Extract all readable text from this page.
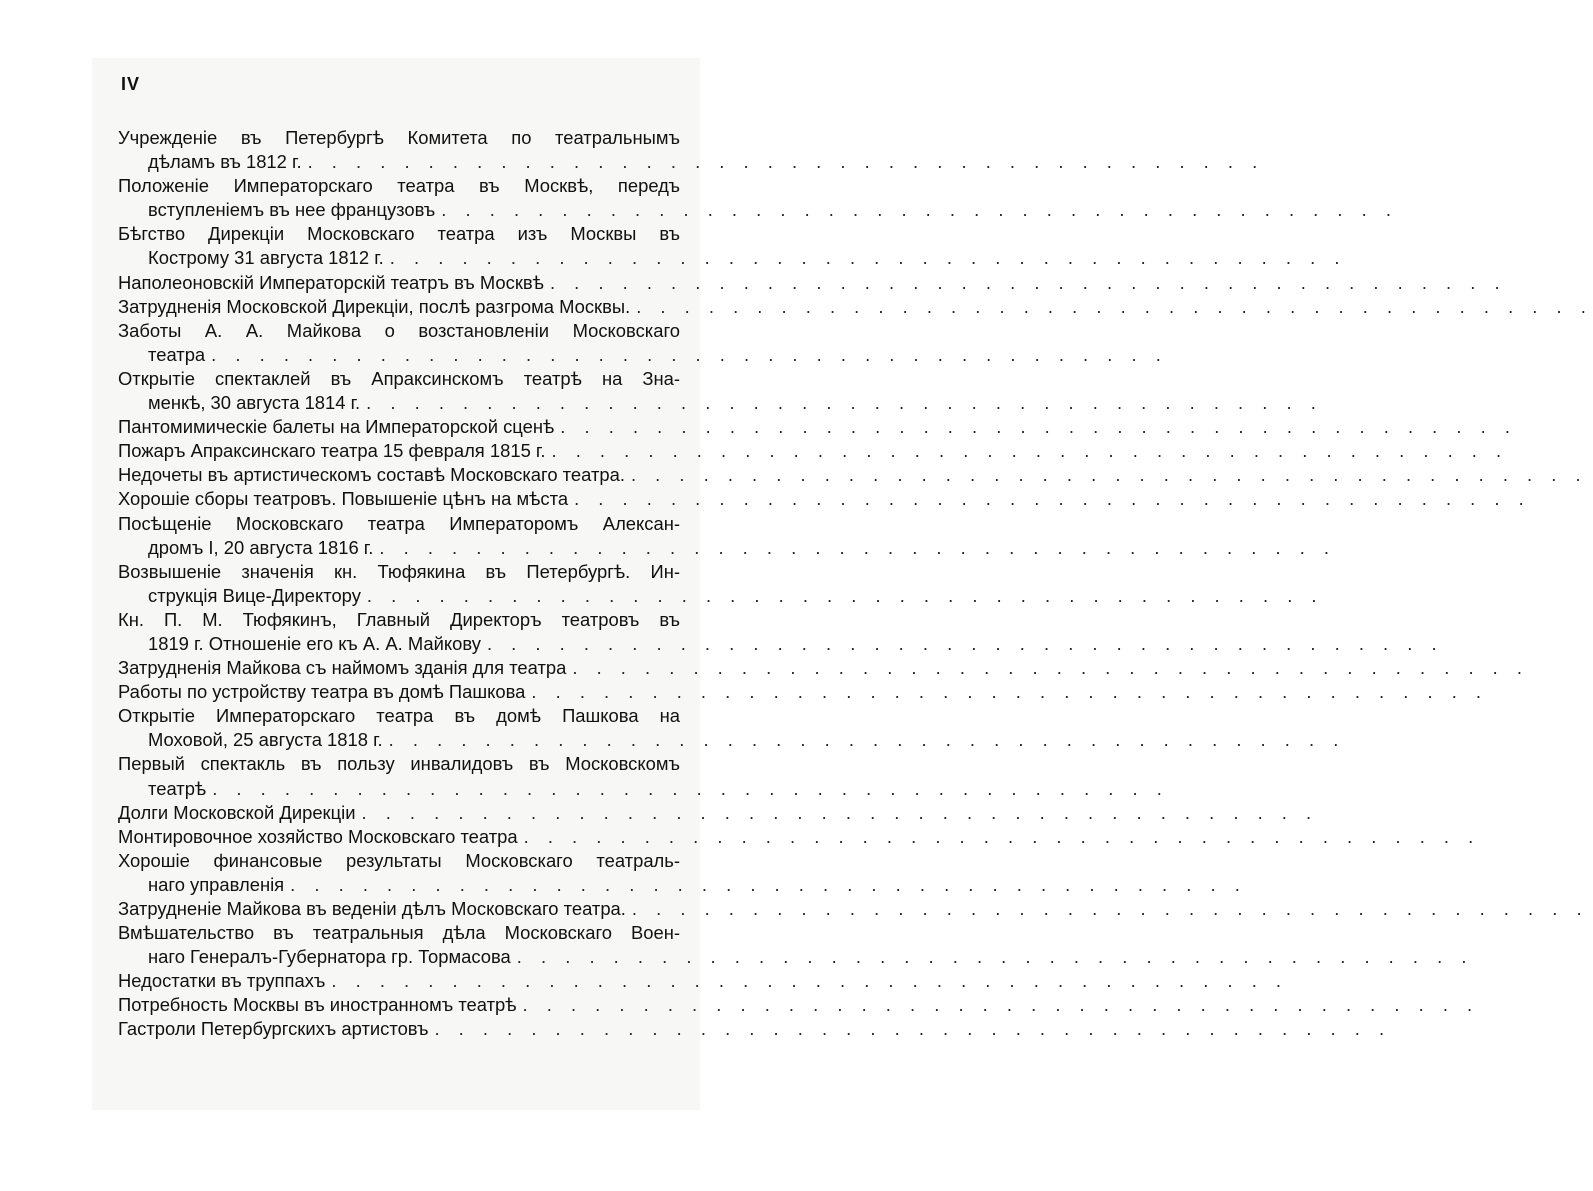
IV
Учрежденіе въ Петербургѣ Комитета по театральнымъ
дѣламъ въ 1812 г. . . . . . . . . . . . . . . . . . . . . . . . . . . . . . . . . . . . . . . . .
Положеніе Императорскаго театра въ Москвѣ, передъ
вступленіемъ въ нее французовъ . . . . . . . . . . . . . . . . . . . . . . . . . . . . . . . . . . . . . . . .
Бѣгство Дирекціи Московскаго театра изъ Москвы въ
Кострому 31 августа 1812 г. . . . . . . . . . . . . . . . . . . . . . . . . . . . . . . . . . . . . . . . .
Наполеоновскій Императорскій театръ въ Москвѣ . . . . . . . . . . . . . . . . . . . . . . . . . . . . . . . . . . . . . . . .
Затрудненія Московской Дирекціи, послѣ разгрома Москвы. . . . . . . . . . . . . . . . . . . . . . . . . . . . . . . . . . . . . . . . .
Заботы А. А. Майкова о возстановленіи Московскаго
театра . . . . . . . . . . . . . . . . . . . . . . . . . . . . . . . . . . . . . . . .
Открытіе спектаклей въ Апраксинскомъ театрѣ на Зна-
менкѣ, 30 августа 1814 г. . . . . . . . . . . . . . . . . . . . . . . . . . . . . . . . . . . . . . . . .
Пантомимическіе балеты на Императорской сценѣ . . . . . . . . . . . . . . . . . . . . . . . . . . . . . . . . . . . . . . . .
Пожаръ Апраксинскаго театра 15 февраля 1815 г. . . . . . . . . . . . . . . . . . . . . . . . . . . . . . . . . . . . . . . . .
Недочеты въ артистическомъ составѣ Московскаго театра. . . . . . . . . . . . . . . . . . . . . . . . . . . . . . . . . . . . . . . . .
Хорошіе сборы театровъ. Повышеніе цѣнъ на мѣста . . . . . . . . . . . . . . . . . . . . . . . . . . . . . . . . . . . . . . . .
Посѣщеніе Московскаго театра Императоромъ Алексан-
дромъ I, 20 августа 1816 г. . . . . . . . . . . . . . . . . . . . . . . . . . . . . . . . . . . . . . . . .
Возвышеніе значенія кн. Тюфякина въ Петербургѣ. Ин-
струкція Вице-Директору . . . . . . . . . . . . . . . . . . . . . . . . . . . . . . . . . . . . . . . .
Кн. П. М. Тюфякинъ, Главный Директоръ театровъ въ
1819 г. Отношеніе его къ А. А. Майкову . . . . . . . . . . . . . . . . . . . . . . . . . . . . . . . . . . . . . . . .
Затрудненія Майкова съ наймомъ зданія для театра . . . . . . . . . . . . . . . . . . . . . . . . . . . . . . . . . . . . . . . .
Работы по устройству театра въ домѣ Пашкова . . . . . . . . . . . . . . . . . . . . . . . . . . . . . . . . . . . . . . . .
Открытіе Императорскаго театра въ домѣ Пашкова на
Моховой, 25 августа 1818 г. . . . . . . . . . . . . . . . . . . . . . . . . . . . . . . . . . . . . . . . .
Первый спектакль въ пользу инвалидовъ въ Московскомъ
театрѣ . . . . . . . . . . . . . . . . . . . . . . . . . . . . . . . . . . . . . . . .
Долги Московской Дирекціи . . . . . . . . . . . . . . . . . . . . . . . . . . . . . . . . . . . . . . . .
Монтировочное хозяйство Московскаго театра . . . . . . . . . . . . . . . . . . . . . . . . . . . . . . . . . . . . . . . .
Хорошіе финансовые результаты Московскаго театраль-
наго управленія . . . . . . . . . . . . . . . . . . . . . . . . . . . . . . . . . . . . . . . .
Затрудненіе Майкова въ веденіи дѣлъ Московскаго театра. . . . . . . . . . . . . . . . . . . . . . . . . . . . . . . . . . . . . . . . .
Вмѣшательство въ театральныя дѣла Московскаго Воен-
наго Генералъ-Губернатора гр. Тормасова . . . . . . . . . . . . . . . . . . . . . . . . . . . . . . . . . . . . . . . .
Недостатки въ труппахъ . . . . . . . . . . . . . . . . . . . . . . . . . . . . . . . . . . . . . . . .
Потребность Москвы въ иностранномъ театрѣ . . . . . . . . . . . . . . . . . . . . . . . . . . . . . . . . . . . . . . . .
Гастроли Петербургскихъ артистовъ . . . . . . . . . . . . . . . . . . . . . . . . . . . . . . . . . . . . . . . .
